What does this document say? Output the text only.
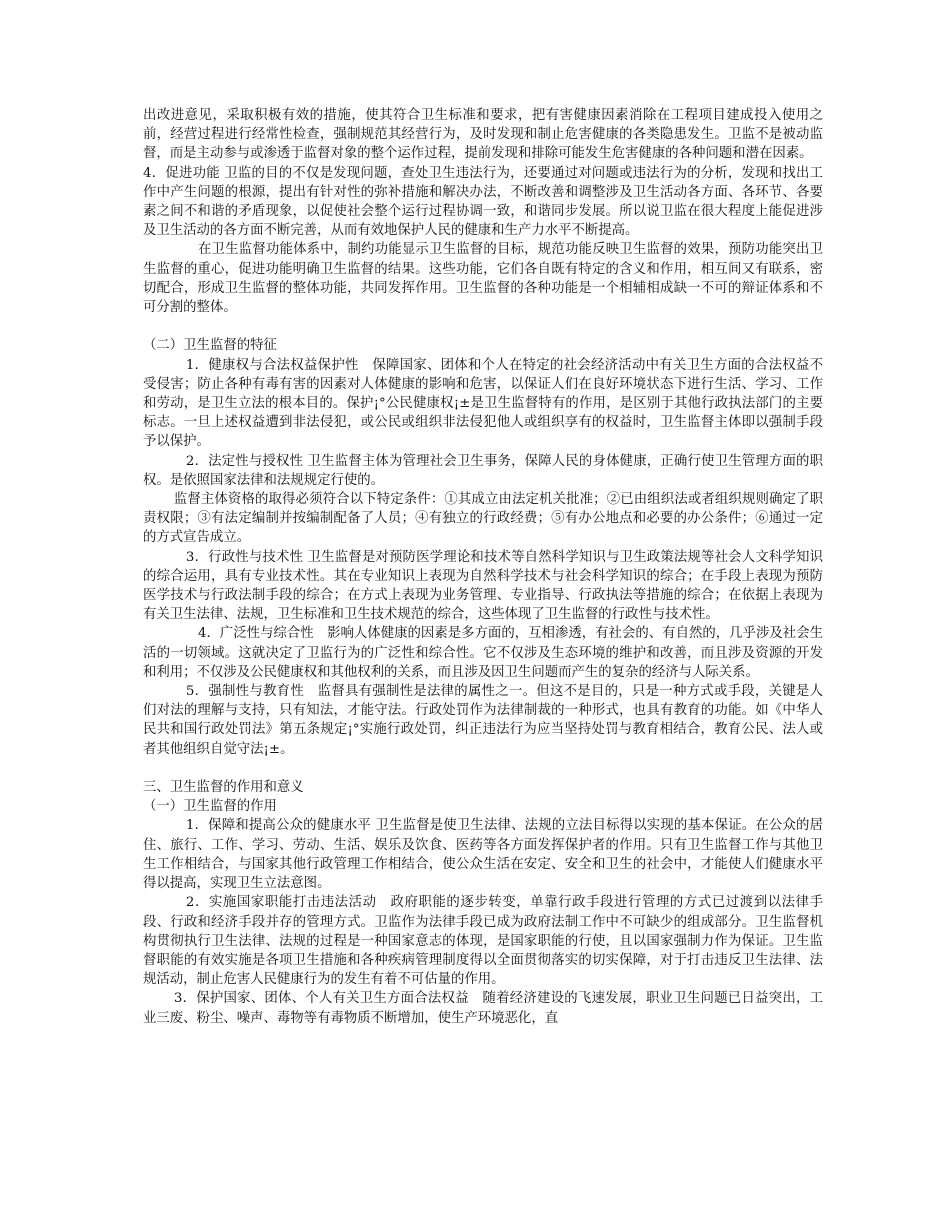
出改进意见，采取积极有效的措施，使其符合卫生标准和要求，把有害健康因素消除在工程项目建成投入使用之前，经营过程进行经常性检查，强制规范其经营行为，及时发现和制止危害健康的各类隐患发生。卫监不是被动监督，而是主动参与或渗透于监督对象的整个运作过程，提前发现和排除可能发生危害健康的各种问题和潜在因素。

4．促进功能 卫监的目的不仅是发现问题，查处卫生违法行为，还要通过对问题或违法行为的分析，发现和找出工作中产生问题的根源，提出有针对性的弥补措施和解决办法，不断改善和调整涉及卫生活动各方面、各环节、各要素之间不和谐的矛盾现象，以促使社会整个运行过程协调一致，和谐同步发展。所以说卫监在很大程度上能促进涉及卫生活动的各方面不断完善，从而有效地保护人民的健康和生产力水平不断提高。

在卫生监督功能体系中，制约功能显示卫生监督的目标，规范功能反映卫生监督的效果，预防功能突出卫生监督的重心，促进功能明确卫生监督的结果。这些功能，它们各自既有特定的含义和作用，相互间又有联系，密切配合，形成卫生监督的整体功能，共同发挥作用。卫生监督的各种功能是一个相辅相成缺一不可的辩证体系和不可分割的整体。

（二）卫生监督的特征

1．健康权与合法权益保护性　保障国家、团体和个人在特定的社会经济活动中有关卫生方面的合法权益不受侵害；防止各种有毒有害的因素对人体健康的影响和危害，以保证人们在良好环境状态下进行生活、学习、工作和劳动，是卫生立法的根本目的。保护¡°公民健康权¡±是卫生监督特有的作用，是区别于其他行政执法部门的主要标志。一旦上述权益遭到非法侵犯，或公民或组织非法侵犯他人或组织享有的权益时，卫生监督主体即以强制手段予以保护。

2．法定性与授权性 卫生监督主体为管理社会卫生事务，保障人民的身体健康，正确行使卫生管理方面的职权。是依照国家法律和法规规定行使的。

监督主体资格的取得必须符合以下特定条件：①其成立由法定机关批准；②已由组织法或者组织规则确定了职责权限；③有法定编制并按编制配备了人员；④有独立的行政经费；⑤有办公地点和必要的办公条件；⑥通过一定的方式宣告成立。

3．行政性与技术性 卫生监督是对预防医学理论和技术等自然科学知识与卫生政策法规等社会人文科学知识的综合运用，具有专业技术性。其在专业知识上表现为自然科学技术与社会科学知识的综合；在手段上表现为预防医学技术与行政法制手段的综合；在方式上表现为业务管理、专业指导、行政执法等措施的综合；在依据上表现为有关卫生法律、法规，卫生标准和卫生技术规范的综合，这些体现了卫生监督的行政性与技术性。

4．广泛性与综合性　影响人体健康的因素是多方面的，互相渗透，有社会的、有自然的，几乎涉及社会生活的一切领域。这就决定了卫监行为的广泛性和综合性。它不仅涉及生态环境的维护和改善，而且涉及资源的开发和利用；不仅涉及公民健康权和其他权利的关系，而且涉及因卫生问题而产生的复杂的经济与人际关系。

5．强制性与教育性　监督具有强制性是法律的属性之一。但这不是目的，只是一种方式或手段，关键是人们对法的理解与支持，只有知法，才能守法。行政处罚作为法律制裁的一种形式，也具有教育的功能。如《中华人民共和国行政处罚法》第五条规定¡°实施行政处罚，纠正违法行为应当坚持处罚与教育相结合，教育公民、法人或者其他组织自觉守法¡±。

三、卫生监督的作用和意义

（一）卫生监督的作用

1．保障和提高公众的健康水平 卫生监督是使卫生法律、法规的立法目标得以实现的基本保证。在公众的居住、旅行、工作、学习、劳动、生活、娱乐及饮食、医药等各方面发挥保护者的作用。只有卫生监督工作与其他卫生工作相结合，与国家其他行政管理工作相结合，使公众生活在安定、安全和卫生的社会中，才能使人们健康水平得以提高，实现卫生立法意图。

2．实施国家职能打击违法活动　政府职能的逐步转变，单靠行政手段进行管理的方式已过渡到以法律手段、行政和经济手段并存的管理方式。卫监作为法律手段已成为政府法制工作中不可缺少的组成部分。卫生监督机构贯彻执行卫生法律、法规的过程是一种国家意志的体现，是国家职能的行使，且以国家强制力作为保证。卫生监督职能的有效实施是各项卫生措施和各种疾病管理制度得以全面贯彻落实的切实保障，对于打击违反卫生法律、法规活动，制止危害人民健康行为的发生有着不可估量的作用。

3．保护国家、团体、个人有关卫生方面合法权益　随着经济建设的飞速发展，职业卫生问题已日益突出，工业三废、粉尘、噪声、毒物等有毒物质不断增加，使生产环境恶化，直
